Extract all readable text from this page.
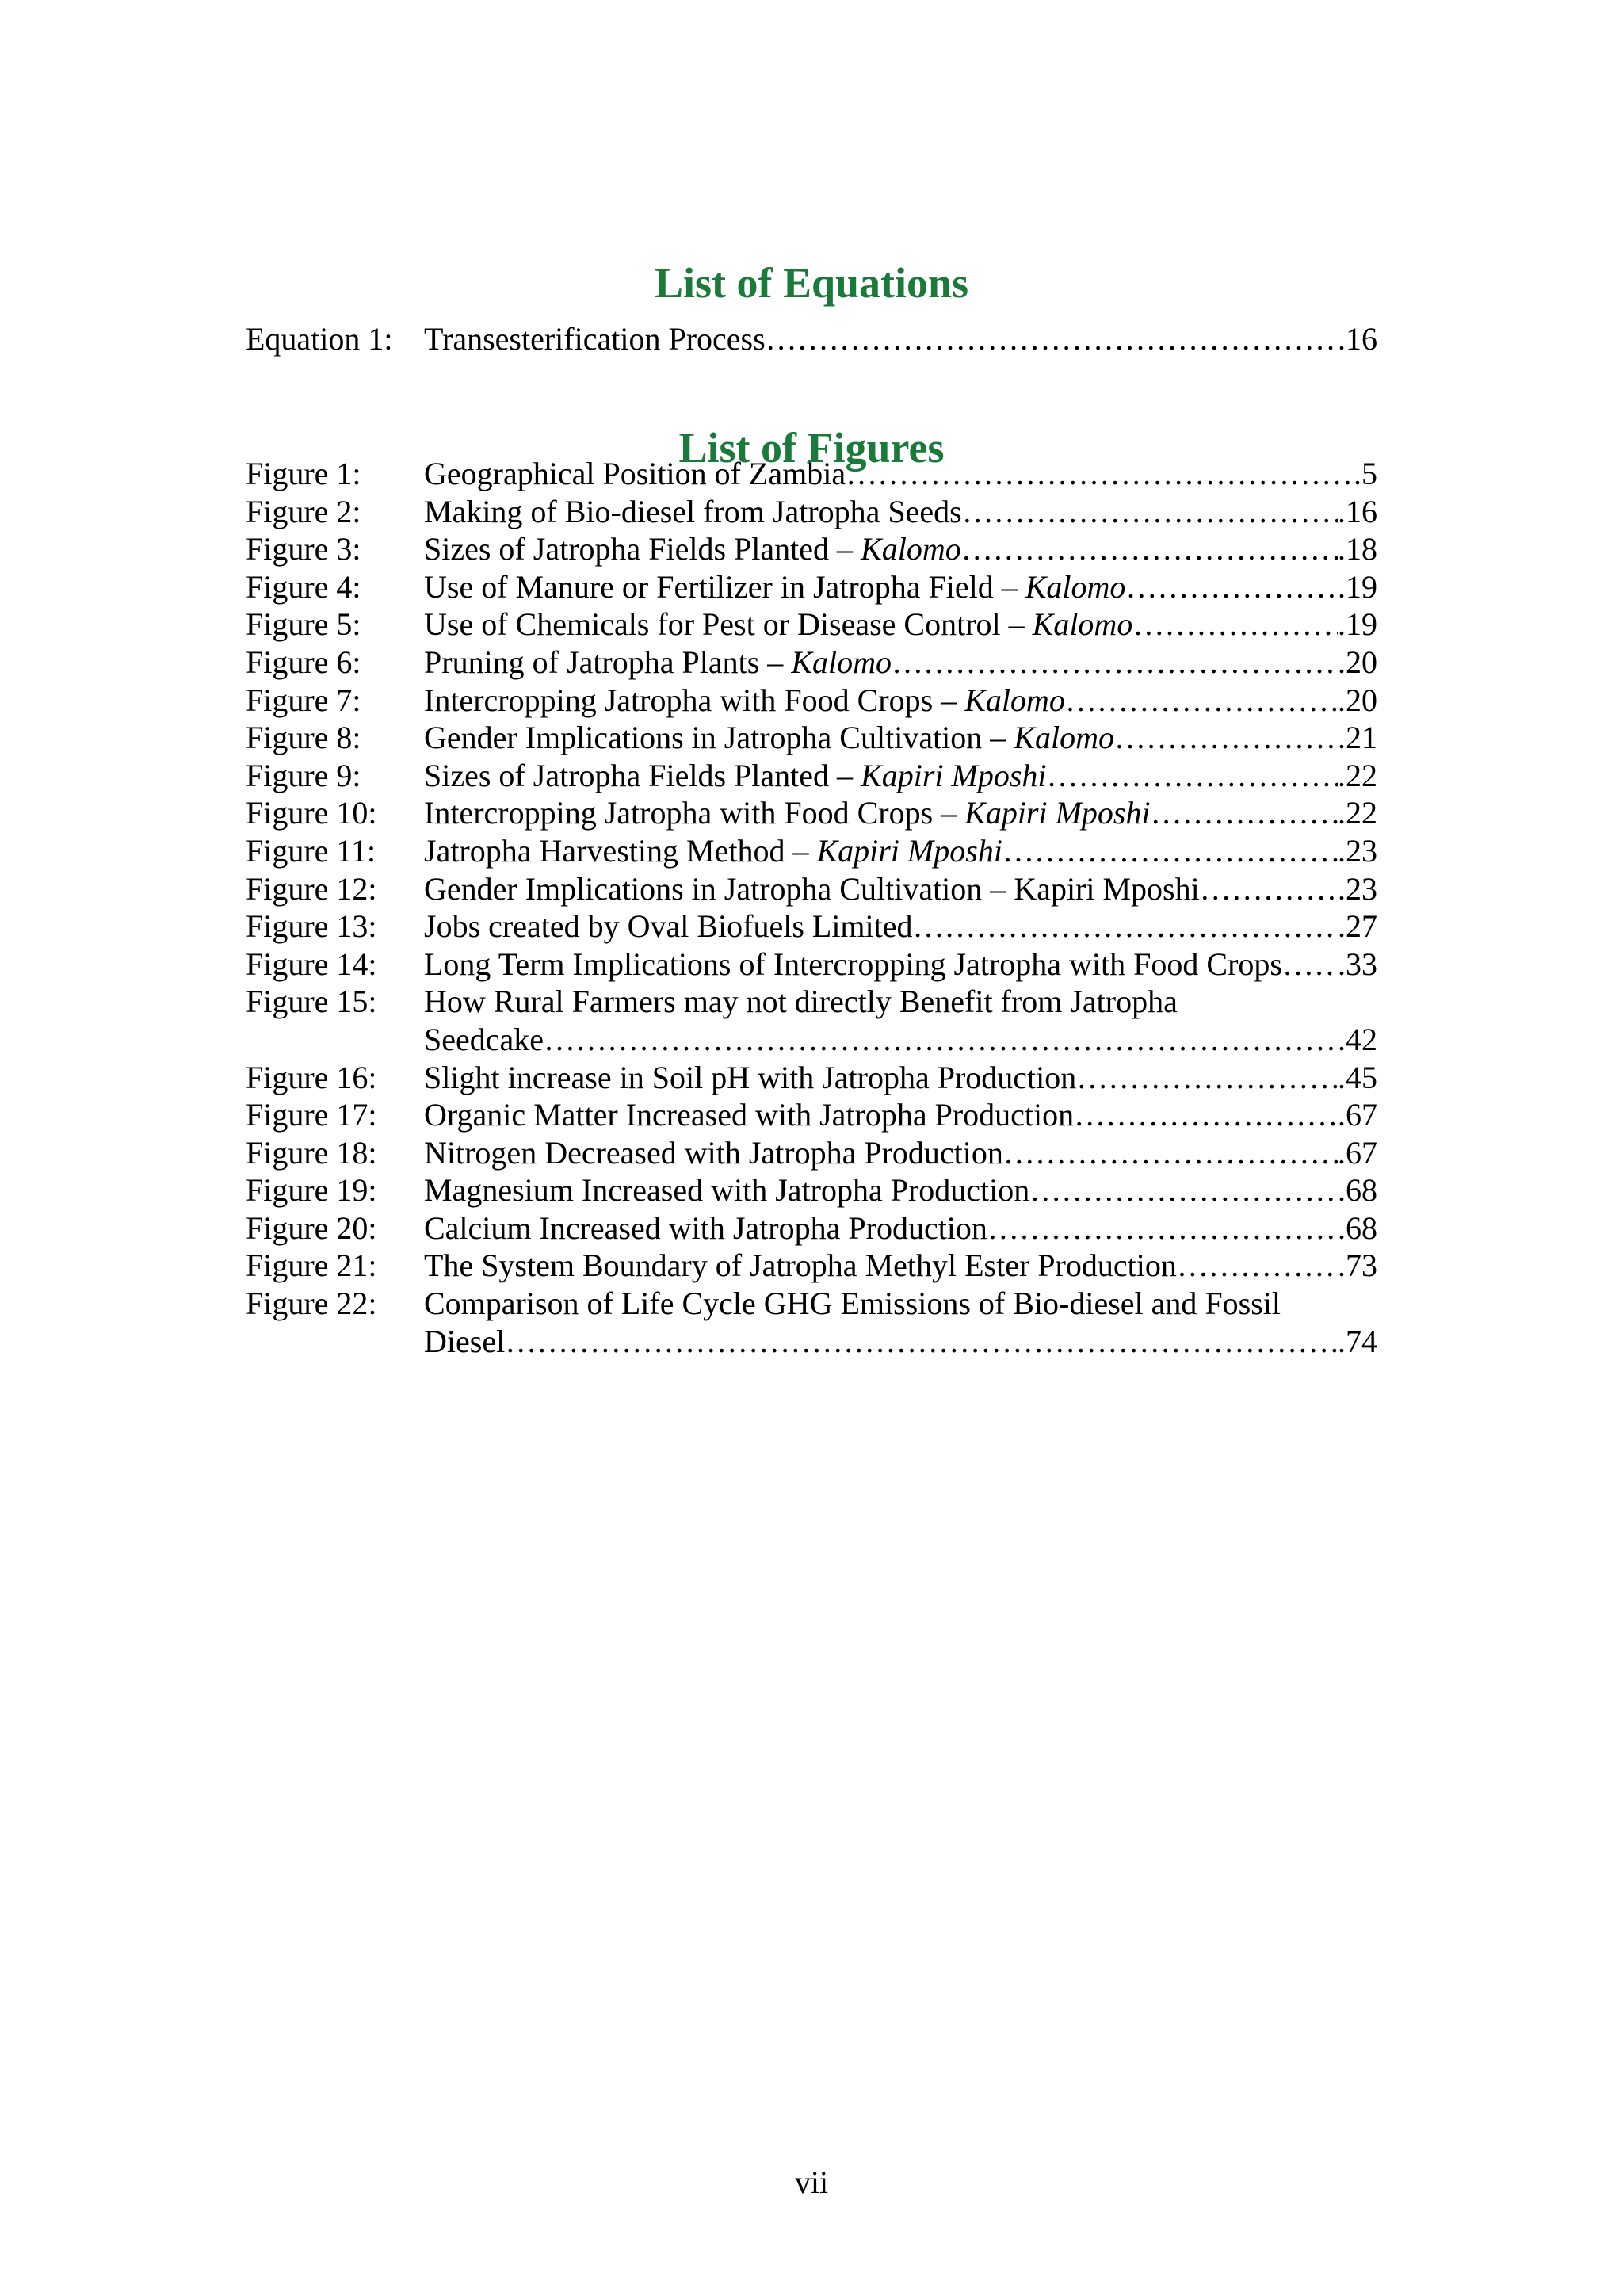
List of Equations
Equation 1: Transesterification Process …………………………………………………………………………………………………………………………………………………………………………………………	. 16
List of Figures
Figure 1:	Geographical Position of Zambia …………………………………………………………………………………………………………………………………………………………………………………………	. 5
Figure 2:	Making of Bio-diesel from Jatropha Seeds …………………………………………………………………………………………………………………………………………………………………………………………	. 16
Figure 3:	Sizes of Jatropha Fields Planted – Kalomo …………………………………………………………………………………………………………………………………………………………………………………………	. 18
Figure 4:	Use of Manure or Fertilizer in Jatropha Field – Kalomo …………………………………………………………………………………………………………………………………………………………………………………………	. 19
Figure 5:	Use of Chemicals for Pest or Disease Control – Kalomo …………………………………………………………………………………………………………………………………………………………………………………………	. 19
Figure 6:	Pruning of Jatropha Plants – Kalomo …………………………………………………………………………………………………………………………………………………………………………………………	. 20
Figure 7:	Intercropping Jatropha with Food Crops – Kalomo …………………………………………………………………………………………………………………………………………………………………………………………	. 20
Figure 8:	Gender Implications in Jatropha Cultivation – Kalomo …………………………………………………………………………………………………………………………………………………………………………………………	. 21
Figure 9:	Sizes of Jatropha Fields Planted – Kapiri Mposhi …………………………………………………………………………………………………………………………………………………………………………………………	. 22
Figure 10:	Intercropping Jatropha with Food Crops – Kapiri Mposhi …………………………………………………………………………………………………………………………………………………………………………………………	. 22
Figure 11:	Jatropha Harvesting Method – Kapiri Mposhi …………………………………………………………………………………………………………………………………………………………………………………………	. 23
Figure 12:	Gender Implications in Jatropha Cultivation – Kapiri Mposhi …………………………………………………………………………………………………………………………………………………………………………………………	. 23
Figure 13:	Jobs created by Oval Biofuels Limited …………………………………………………………………………………………………………………………………………………………………………………………	. 27
Figure 14:	Long Term Implications of Intercropping Jatropha with Food Crops ………………………………………………………………………………………………………………………………………………………………………………………… . 33
Figure 15:	How Rural Farmers may not directly Benefit from Jatropha
Seedcake …………………………………………………………………………………………………………………………………………………………………………………………	. 42
Figure 16:	Slight increase in Soil pH with Jatropha Production …………………………………………………………………………………………………………………………………………………………………………………………	. 45
Figure 17:	Organic Matter Increased with Jatropha Production …………………………………………………………………………………………………………………………………………………………………………………………	. 67
Figure 18:	Nitrogen Decreased with Jatropha Production …………………………………………………………………………………………………………………………………………………………………………………………	. 67
Figure 19:	Magnesium Increased with Jatropha Production …………………………………………………………………………………………………………………………………………………………………………………………	. 68
Figure 20:	Calcium Increased with Jatropha Production …………………………………………………………………………………………………………………………………………………………………………………………	. 68
Figure 21:	The System Boundary of Jatropha Methyl Ester Production …………………………………………………………………………………………………………………………………………………………………………………………	. 73
Figure 22:	Comparison of Life Cycle GHG Emissions of Bio-diesel and Fossil
Diesel …………………………………………………………………………………………………………………………………………………………………………………………	. 74
vii
